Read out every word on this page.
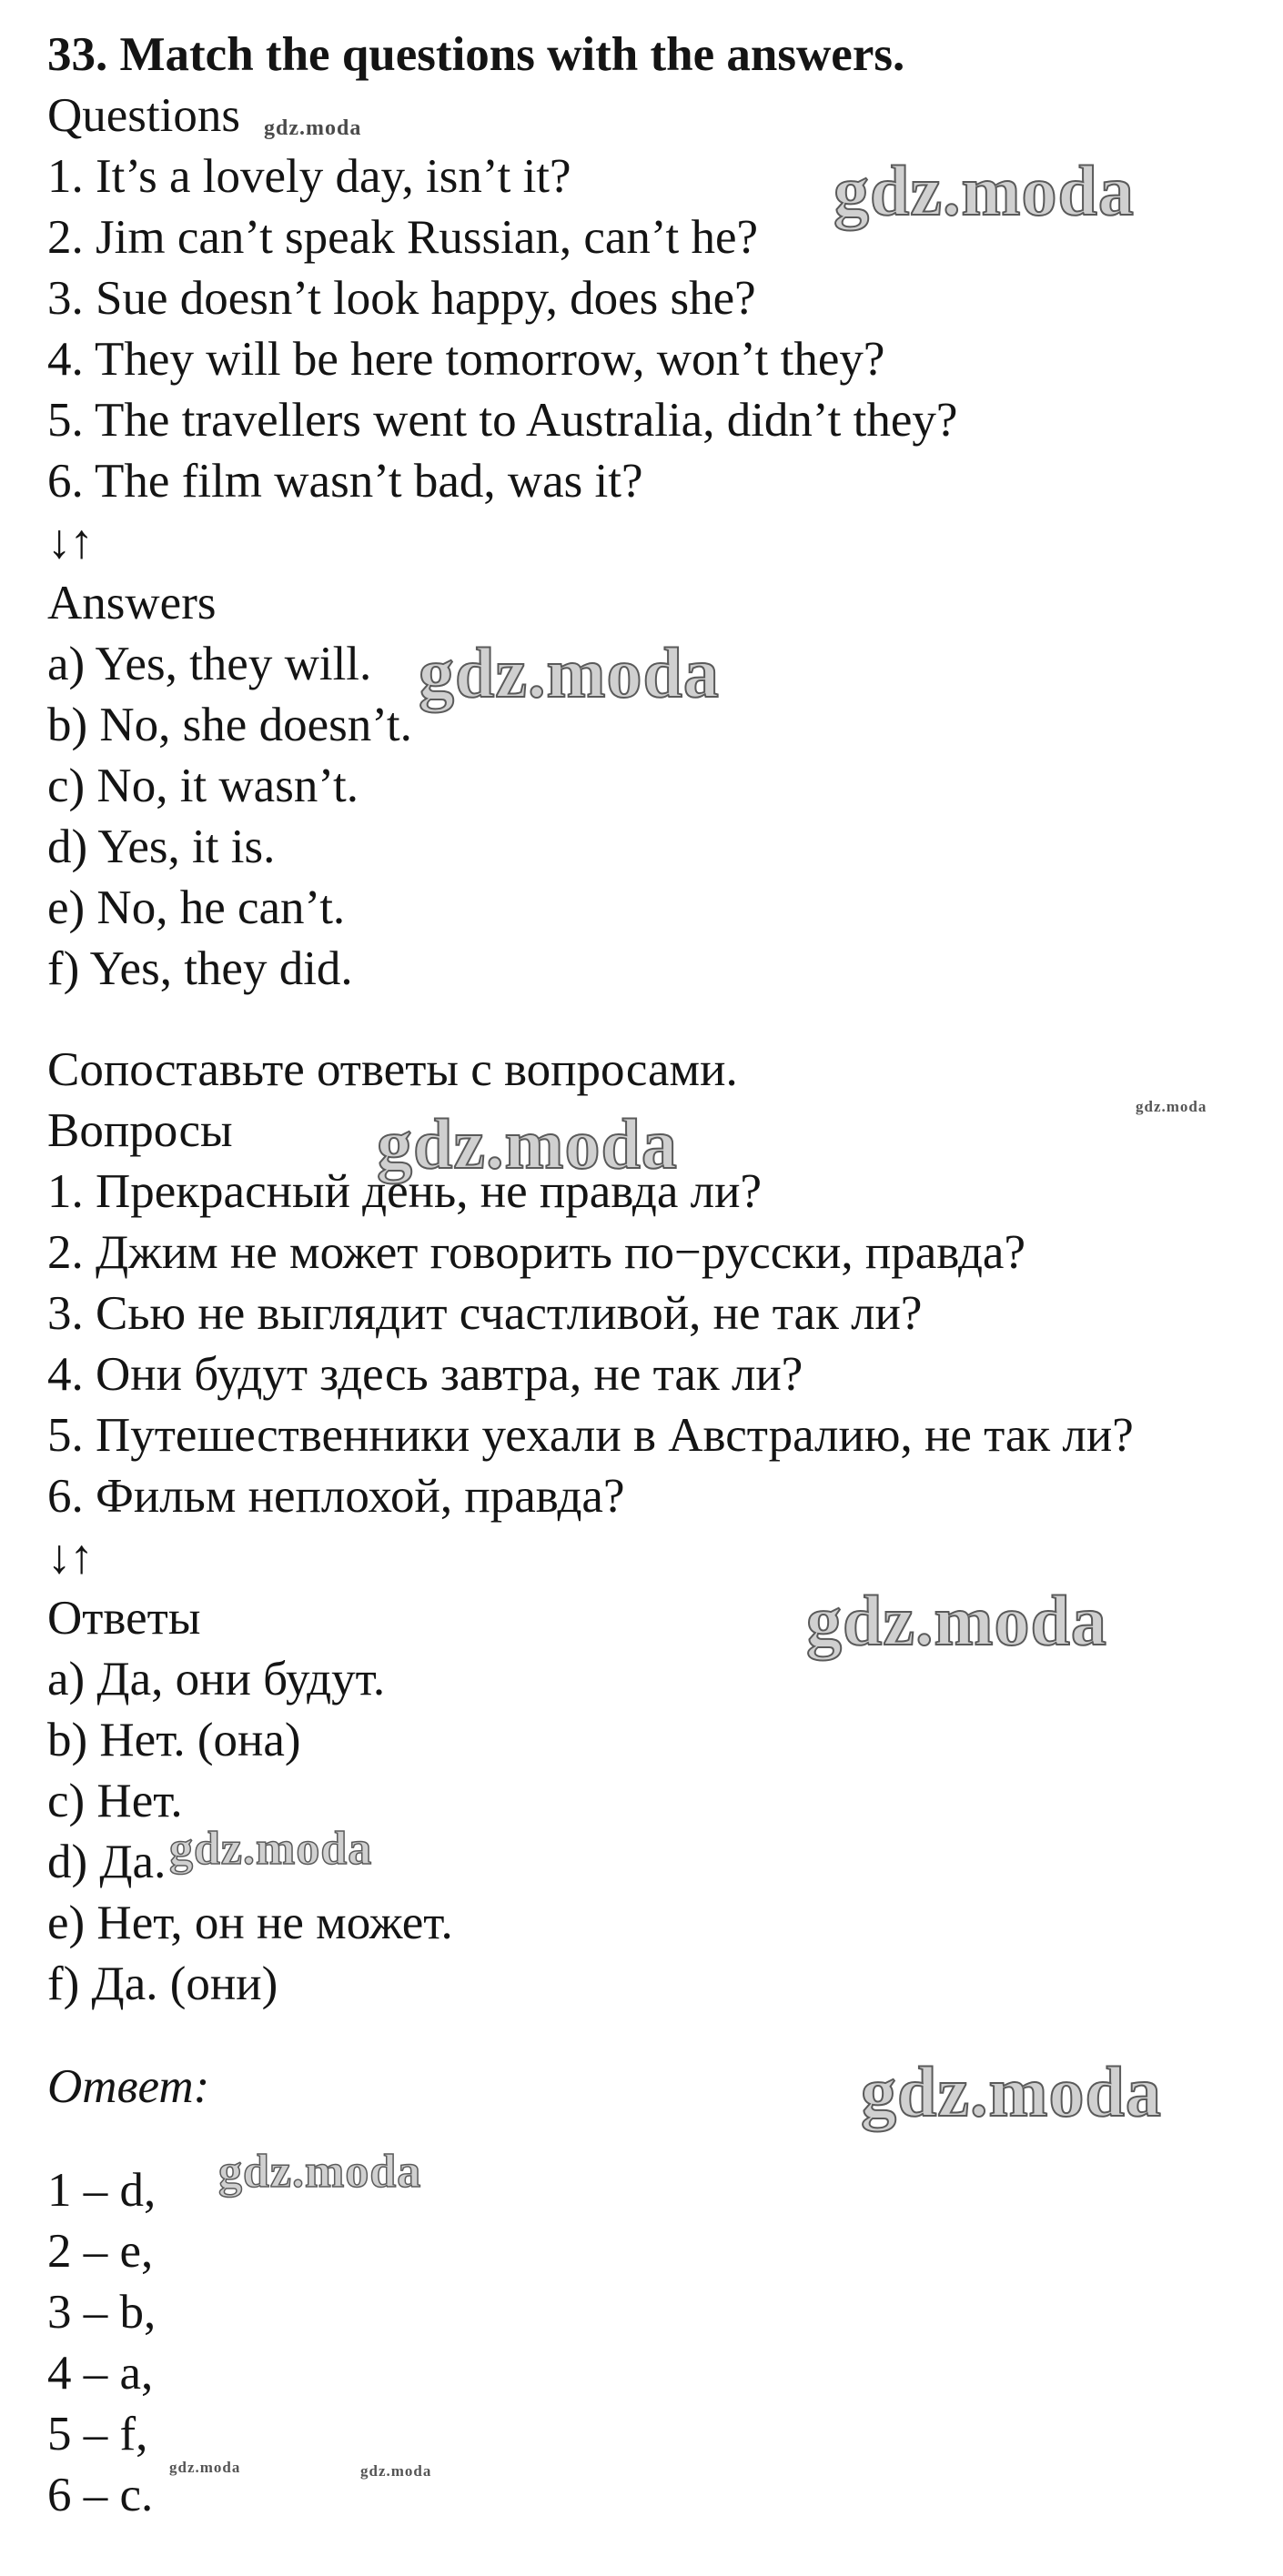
33. Match the questions with the answers.

Questions

1. It’s a lovely day, isn’t it?

2. Jim can’t speak Russian, can’t he?

3. Sue doesn’t look happy, does she?

4. They will be here tomorrow, won’t they?

5. The travellers went to Australia, didn’t they?

6. The film wasn’t bad, was it?

↓↑

Answers

a) Yes, they will.

b) No, she doesn’t.

c) No, it wasn’t.

d) Yes, it is.

e) No, he can’t.

f) Yes, they did.

Сопоставьте ответы с вопросами.

Вопросы

1. Прекрасный день, не правда ли?

2. Джим не может говорить по−русски, правда?

3. Сью не выглядит счастливой, не так ли?

4. Они будут здесь завтра, не так ли?

5. Путешественники уехали в Австралию, не так ли?

6. Фильм неплохой, правда?

↓↑

Ответы

a) Да, они будут.

b) Нет. (она)

c) Нет.

d) Да.

e) Нет, он не может.

f) Да. (они)

Ответ:

1 – d,

2 – e,

3 – b,

4 – a,

5 – f,

6 – c.

gdz.moda

gdz.moda

gdz.moda

gdz.moda

gdz.moda

gdz.moda

gdz.moda

gdz.moda

gdz.moda

gdz.moda	gdz.moda
